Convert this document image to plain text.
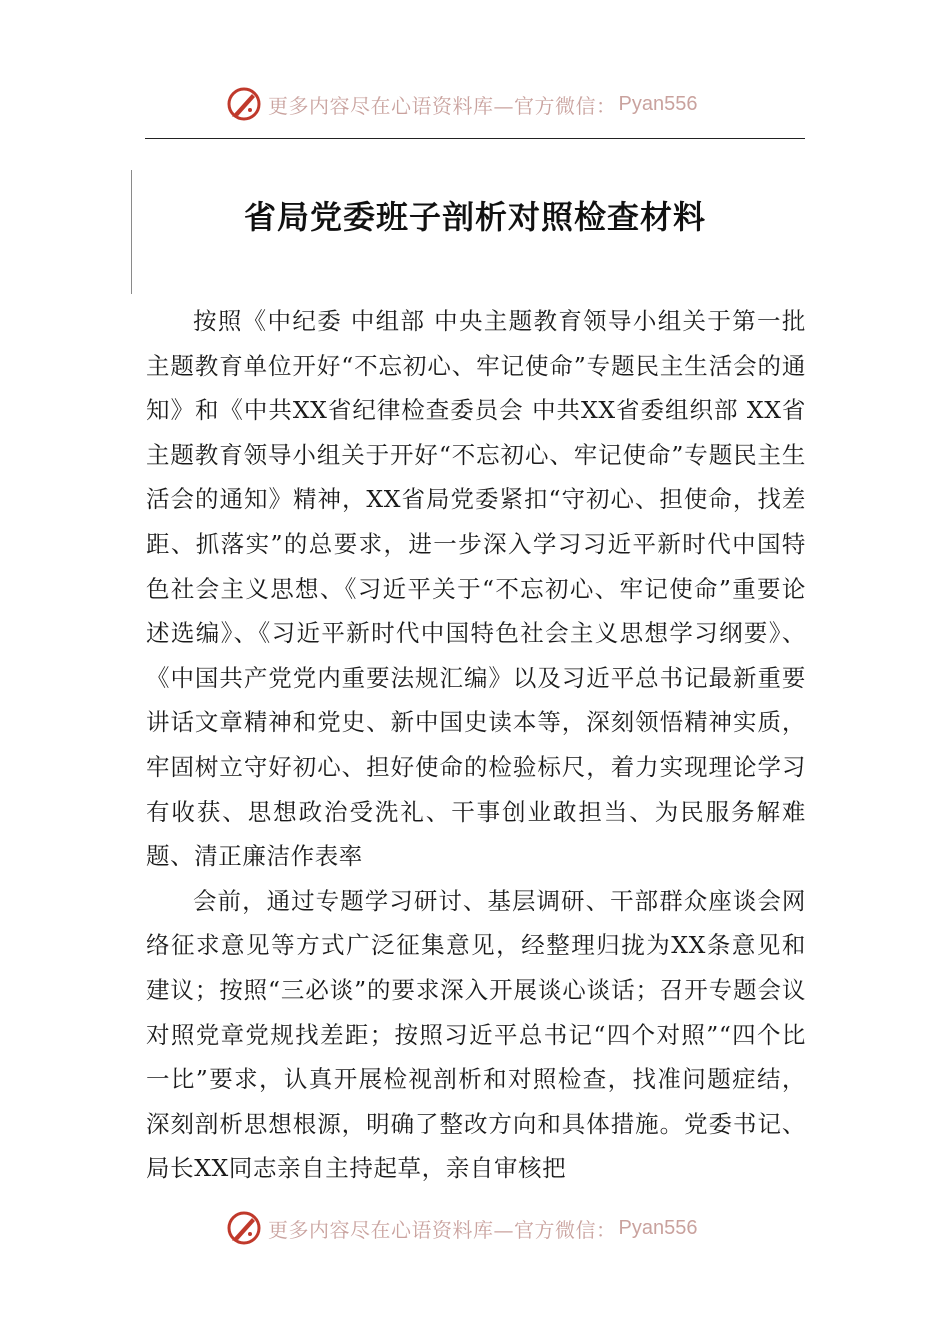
更多内容尽在心语资料库—官方微信： Pyan556
省局党委班子剖析对照检查材料

按照《中纪委 中组部 中央主题教育领导小组关于第一批主题教育单位开好“不忘初心、牢记使命”专题民主生活会的通知》和《中共XX省纪律检查委员会 中共XX省委组织部 XX省主题教育领导小组关于开好“不忘初心、牢记使命”专题民主生活会的通知》精神，XX省局党委紧扣“守初心、担使命，找差距、抓落实”的总要求，进一步深入学习习近平新时代中国特色社会主义思想、《习近平关于“不忘初心、牢记使命”重要论述选编》、《习近平新时代中国特色社会主义思想学习纲要》、《中国共产党党内重要法规汇编》以及习近平总书记最新重要讲话文章精神和党史、新中国史读本等，深刻领悟精神实质，牢固树立守好初心、担好使命的检验标尺，着力实现理论学习有收获、思想政治受洗礼、干事创业敢担当、为民服务解难题、清正廉洁作表率

会前，通过专题学习研讨、基层调研、干部群众座谈会网络征求意见等方式广泛征集意见，经整理归拢为XX条意见和建议；按照“三必谈”的要求深入开展谈心谈话；召开专题会议对照党章党规找差距；按照习近平总书记“四个对照”“四个比一比”要求，认真开展检视剖析和对照检查，找准问题症结，深刻剖析思想根源，明确了整改方向和具体措施。党委书记、局长XX同志亲自主持起草，亲自审核把

更多内容尽在心语资料库—官方微信： Pyan556
